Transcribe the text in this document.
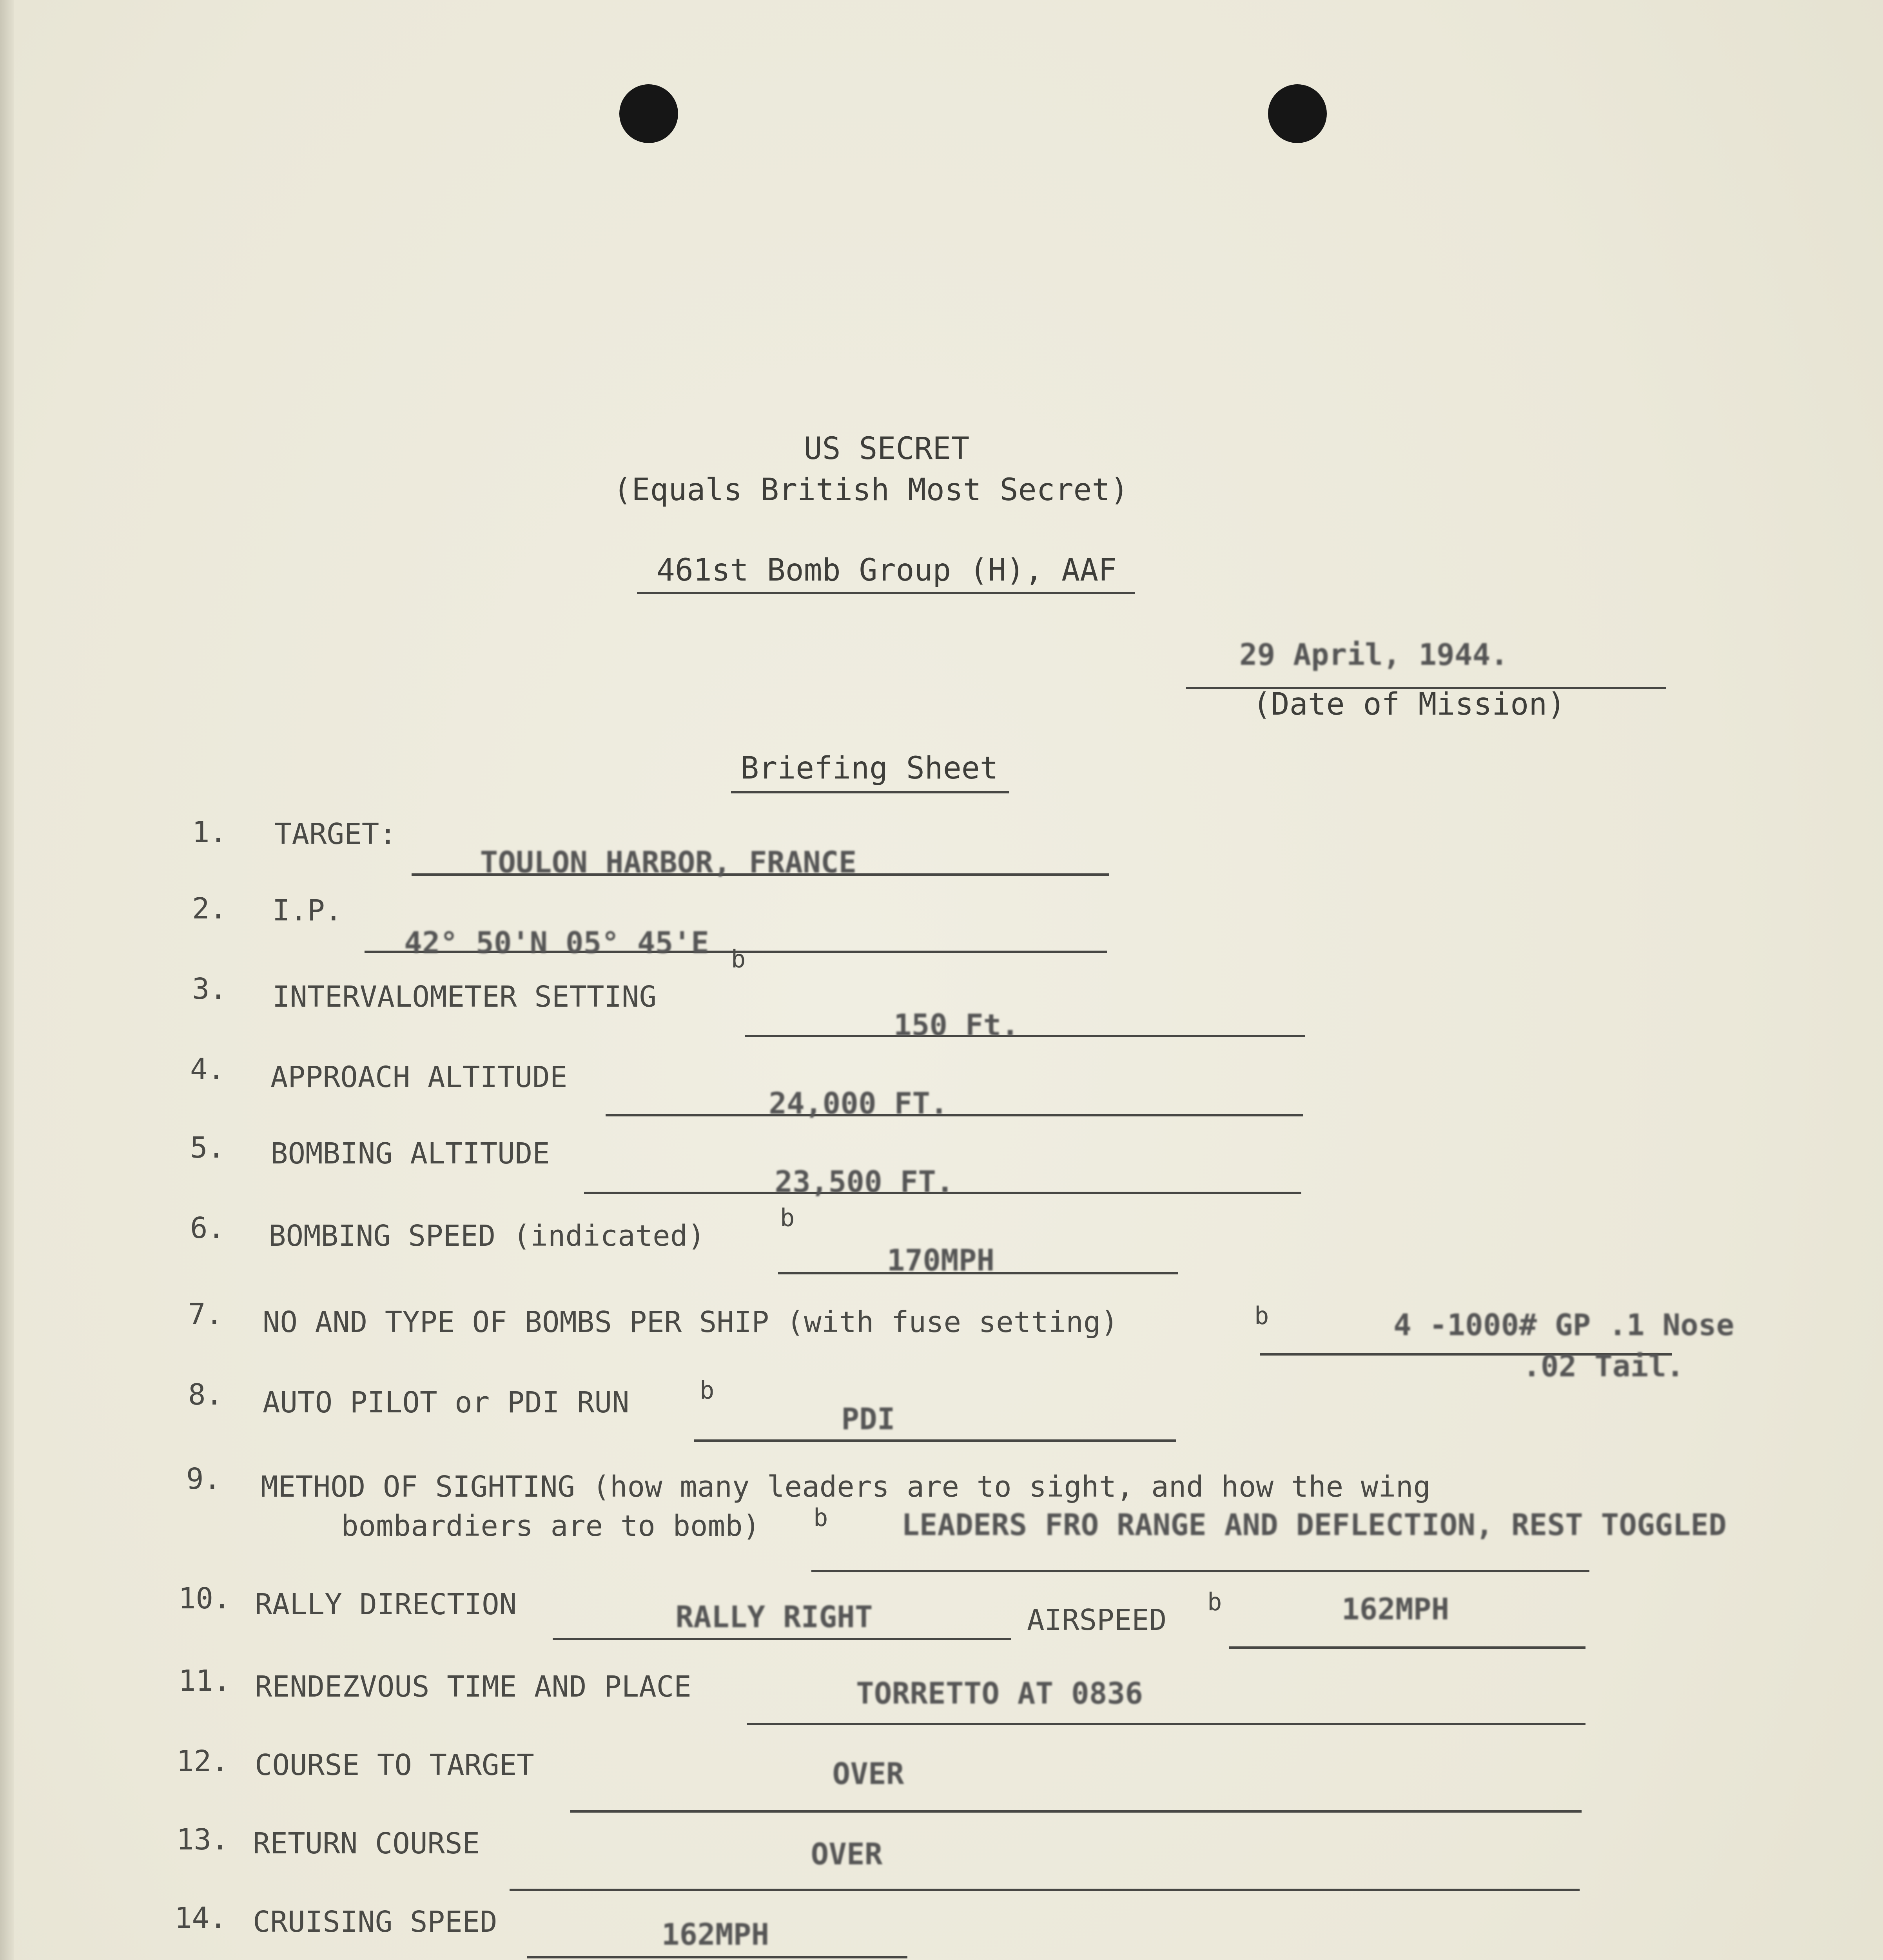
US SECRET
(Equals British Most Secret)
461st Bomb Group (H), AAF
29 April, 1944.
(Date of Mission)
Briefing Sheet
1. TARGET:
TOULON HARBOR, FRANCE
2. I.P.
42° 50'N 05° 45'E b
3. INTERVALOMETER SETTING
150 Ft.
4. APPROACH ALTITUDE
24,000 FT.
5. BOMBING ALTITUDE
23,500 FT.
6. BOMBING SPEED (indicated)
b
170MPH
7. NO AND TYPE OF BOMBS PER SHIP (with fuse setting)	b	4 -1000# GP .1 Nose
.02 Tail.
8. AUTO PILOT or PDI RUN	b
PDI
9. METHOD OF SIGHTING (how many leaders are to sight, and how the wing
bombardiers are to bomb) b LEADERS FRO RANGE AND DEFLECTION, REST TOGGLED
10. RALLY DIRECTION	RALLY RIGHT	AIRSPEED
b	162MPH
11. RENDEZVOUS TIME AND PLACE	TORRETTO AT 0836
12. COURSE TO TARGET	OVER
13. RETURN COURSE	OVER
14. CRUISING SPEED	162MPH
